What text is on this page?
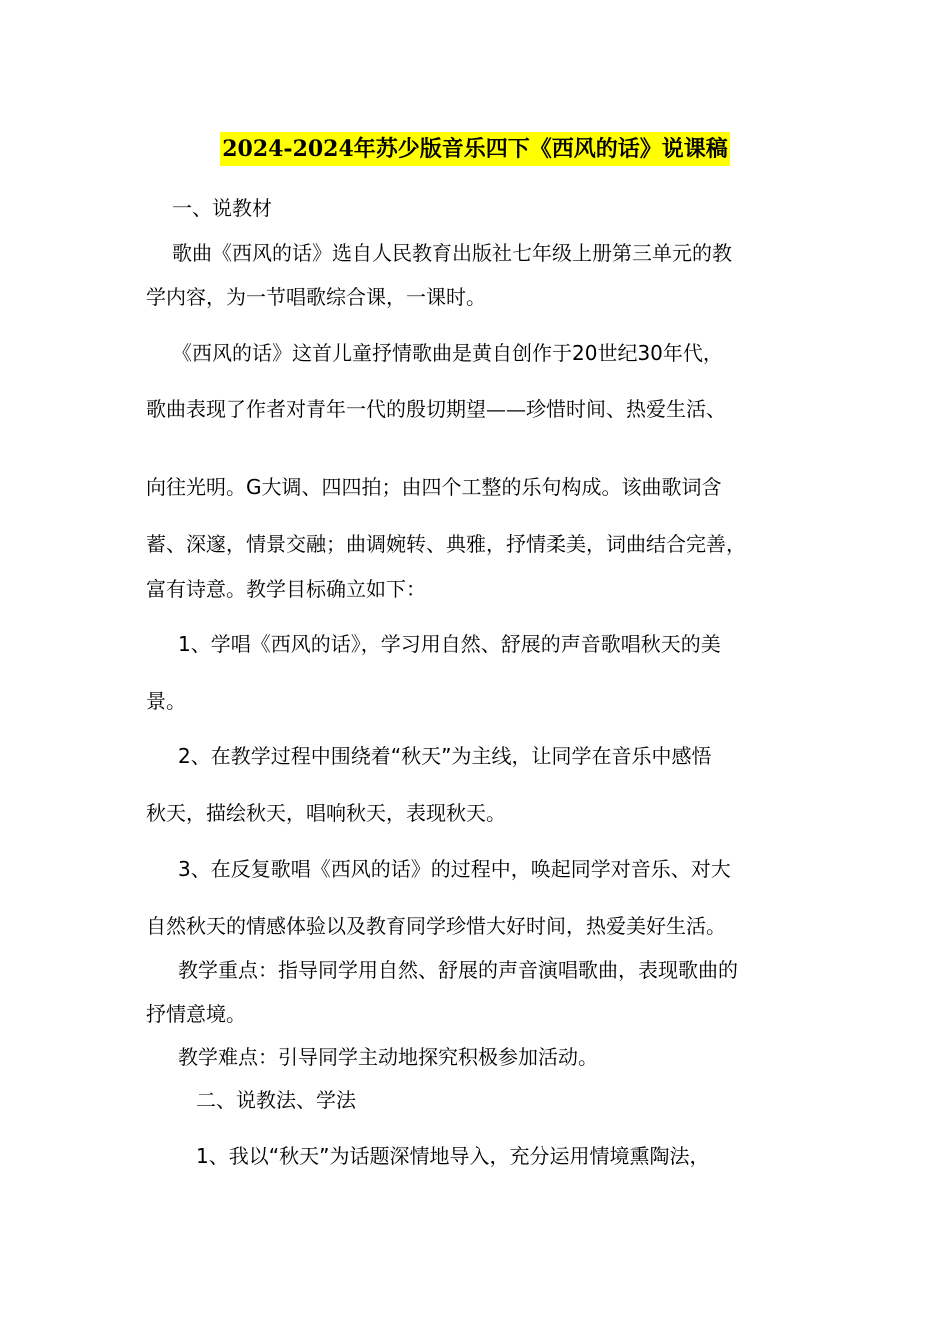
2024-2024年苏少版音乐四下《西风的话》说课稿
一、说教材
歌曲《西风的话》选自人民教育出版社七年级上册第三单元的教
学内容，为一节唱歌综合课，一课时。
《西风的话》这首儿童抒情歌曲是黄自创作于20世纪30年代，
歌曲表现了作者对青年一代的殷切期望——珍惜时间、热爱生活、
向往光明。G大调、四四拍；由四个工整的乐句构成。该曲歌词含
蓄、深邃，情景交融；曲调婉转、典雅，抒情柔美，词曲结合完善，
富有诗意。教学目标确立如下：
1、学唱《西风的话》，学习用自然、舒展的声音歌唱秋天的美
景。
2、在教学过程中围绕着“秋天”为主线，让同学在音乐中感悟
秋天，描绘秋天，唱响秋天，表现秋天。
3、在反复歌唱《西风的话》的过程中，唤起同学对音乐、对大
自然秋天的情感体验以及教育同学珍惜大好时间，热爱美好生活。
教学重点：指导同学用自然、舒展的声音演唱歌曲，表现歌曲的
抒情意境。
教学难点：引导同学主动地探究积极参加活动。
二、说教法、学法
1、我以“秋天”为话题深情地导入，充分运用情境熏陶法，
